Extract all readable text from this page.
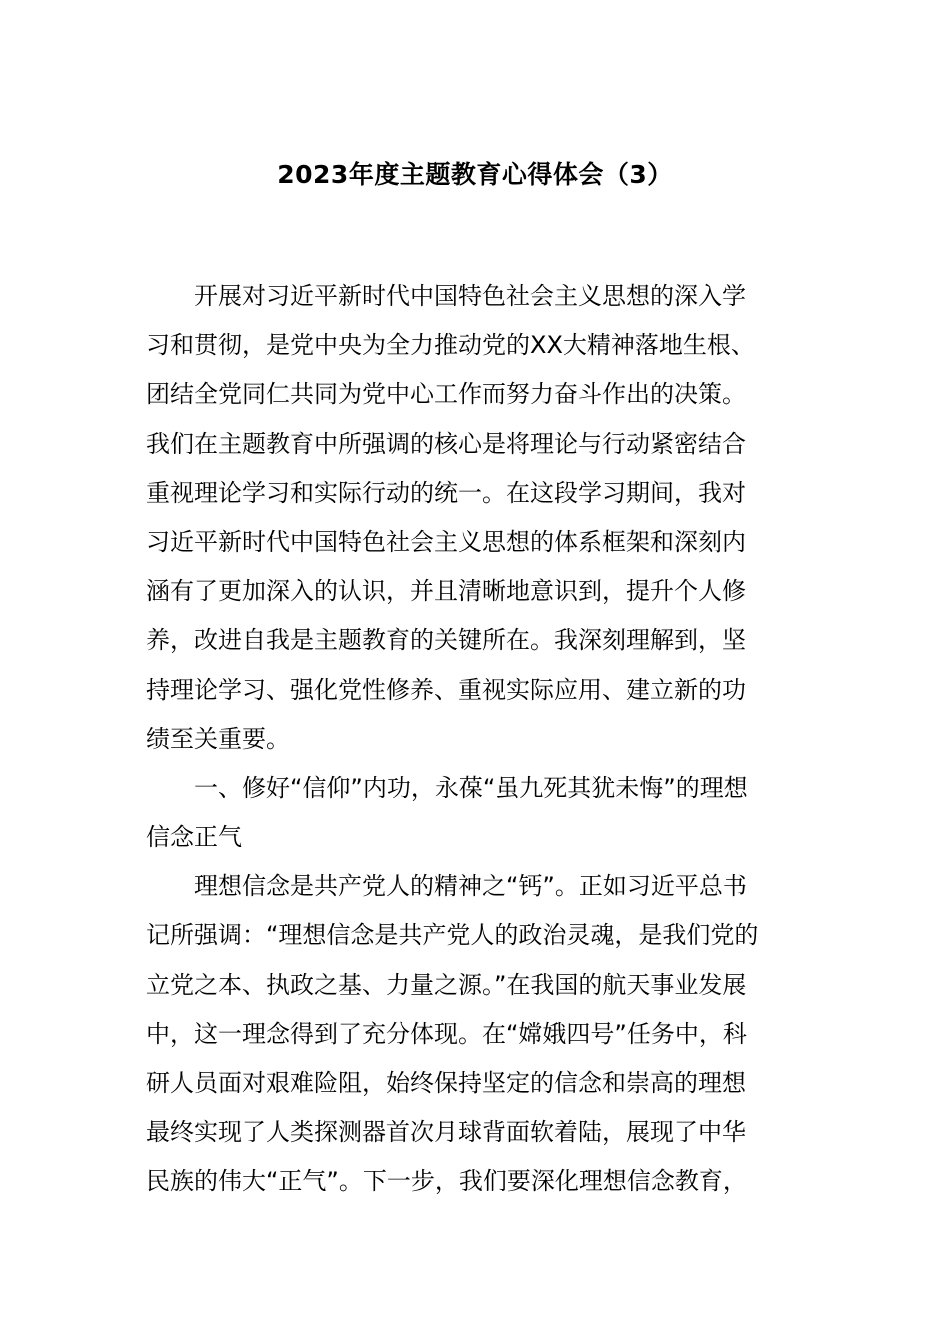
2023年度主题教育心得体会（3）

开展对习近平新时代中国特色社会主义思想的深入学

习和贯彻，是党中央为全力推动党的XX大精神落地生根、

团结全党同仁共同为党中心工作而努力奋斗作出的决策。

我们在主题教育中所强调的核心是将理论与行动紧密结合

重视理论学习和实际行动的统一。在这段学习期间，我对

习近平新时代中国特色社会主义思想的体系框架和深刻内

涵有了更加深入的认识，并且清晰地意识到，提升个人修

养，改进自我是主题教育的关键所在。我深刻理解到，坚

持理论学习、强化党性修养、重视实际应用、建立新的功

绩至关重要。

一、修好“信仰”内功，永葆“虽九死其犹未悔”的理想

信念正气

理想信念是共产党人的精神之“钙”。正如习近平总书

记所强调：“理想信念是共产党人的政治灵魂，是我们党的

立党之本、执政之基、力量之源。”在我国的航天事业发展

中，这一理念得到了充分体现。在“嫦娥四号”任务中，科

研人员面对艰难险阻，始终保持坚定的信念和崇高的理想

最终实现了人类探测器首次月球背面软着陆，展现了中华

民族的伟大“正气”。下一步，我们要深化理想信念教育，
